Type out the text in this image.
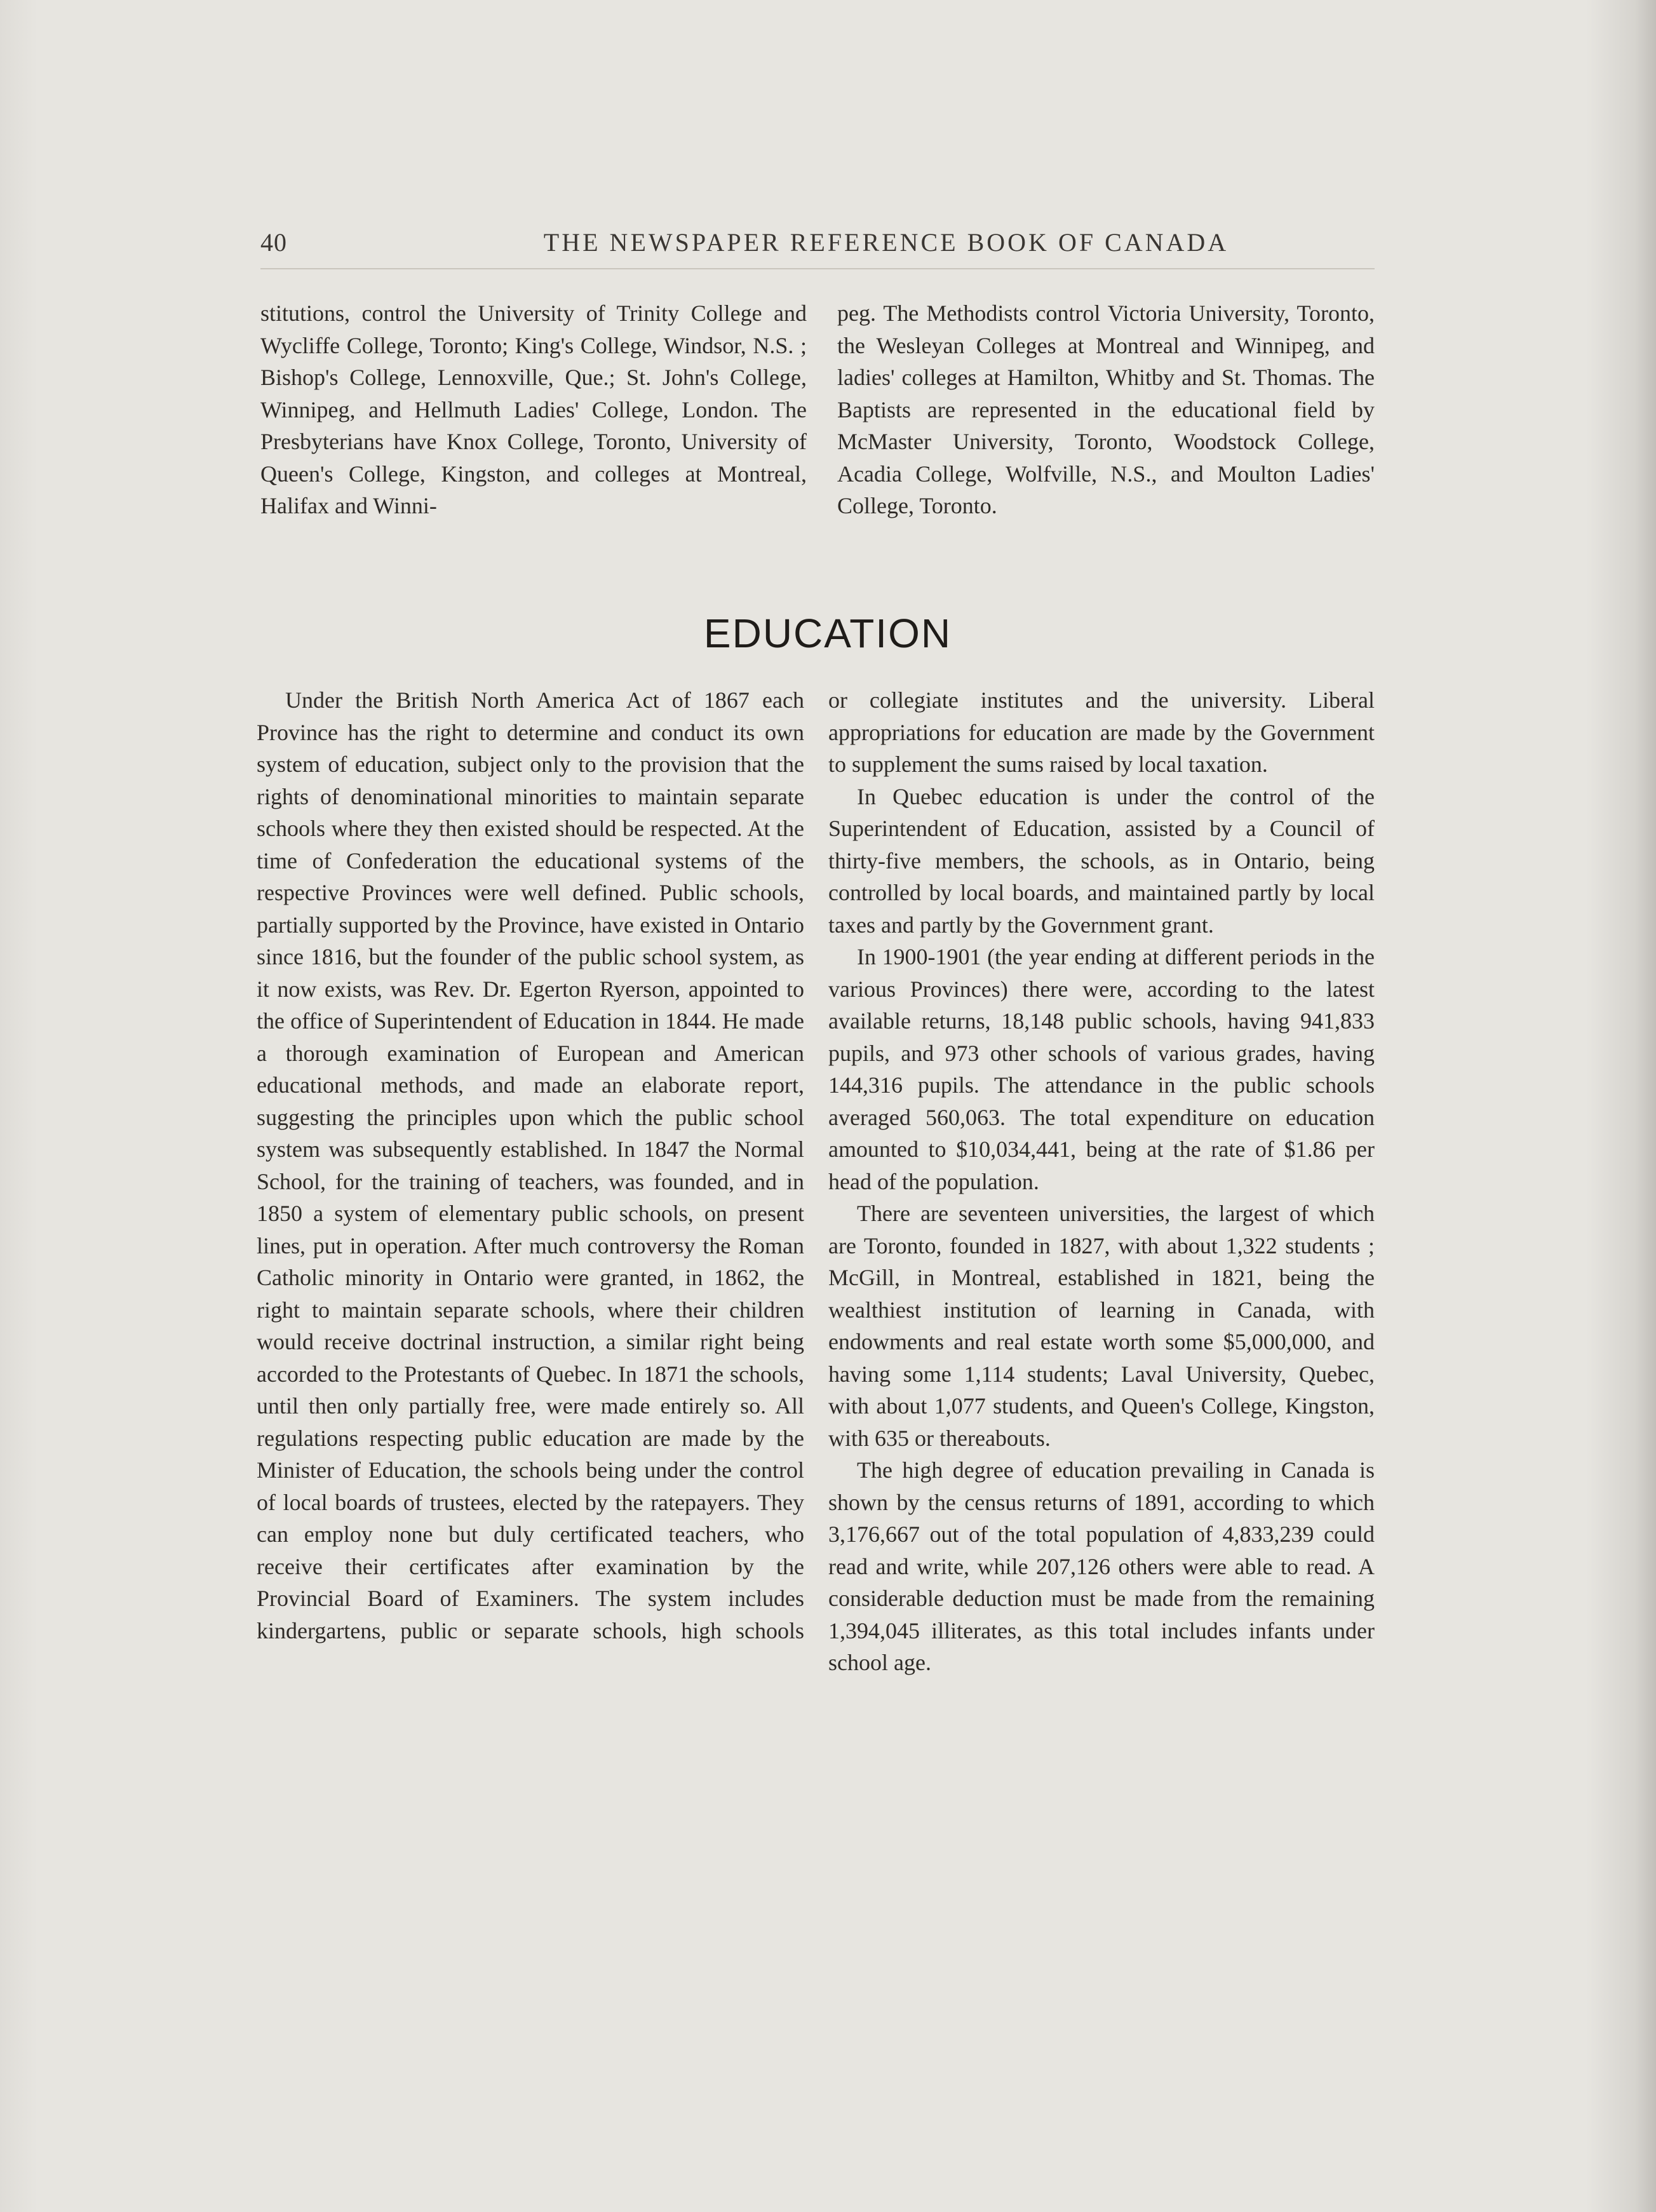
40	THE NEWSPAPER REFERENCE BOOK OF CANADA

stitutions, control the University of Trinity College and Wycliffe College, Toronto; King's College, Windsor, N.S. ; Bishop's College, Lennoxville, Que.; St. John's College, Winnipeg, and Hellmuth Ladies' College, London. The Presbyterians have Knox College, Toronto, University of Queen's College, Kingston, and colleges at Montreal, Halifax and Winni-

peg. The Methodists control Victoria University, Toronto, the Wesleyan Colleges at Montreal and Winnipeg, and ladies' colleges at Hamilton, Whitby and St. Thomas. The Baptists are represented in the educational field by McMaster University, Toronto, Woodstock College, Acadia College, Wolfville, N.S., and Moulton Ladies' College, Toronto.

EDUCATION

Under the British North America Act of 1867 each Province has the right to determine and conduct its own system of education, subject only to the provision that the rights of denominational minorities to maintain separate schools where they then existed should be respected. At the time of Confederation the educational systems of the respective Provinces were well defined. Public schools, partially supported by the Province, have existed in Ontario since 1816, but the founder of the public school system, as it now exists, was Rev. Dr. Egerton Ryerson, appointed to the office of Superintendent of Education in 1844. He made a thorough examination of European and American educational methods, and made an elaborate report, suggesting the principles upon which the public school system was subsequently established. In 1847 the Normal School, for the training of teachers, was founded, and in 1850 a system of elementary public schools, on present lines, put in operation. After much controversy the Roman Catholic minority in Ontario were granted, in 1862, the right to maintain separate schools, where their children would receive doctrinal instruction, a similar right being accorded to the Protestants of Quebec. In 1871 the schools, until then only partially free, were made entirely so. All regulations respecting public education are made by the Minister of Education, the schools being under the control of local boards of trustees, elected by the ratepayers. They can employ none but duly certificated teachers, who receive their certificates after examination by the Provincial Board of Examiners. The system includes kindergartens, public or separate schools, high schools

or collegiate institutes and the university. Liberal appropriations for education are made by the Government to supplement the sums raised by local taxation.

In Quebec education is under the control of the Superintendent of Education, assisted by a Council of thirty-five members, the schools, as in Ontario, being controlled by local boards, and maintained partly by local taxes and partly by the Government grant.

In 1900-1901 (the year ending at different periods in the various Provinces) there were, according to the latest available returns, 18,148 public schools, having 941,833 pupils, and 973 other schools of various grades, having 144,316 pupils. The attendance in the public schools averaged 560,063. The total expenditure on education amounted to $10,034,441, being at the rate of $1.86 per head of the population.

There are seventeen universities, the largest of which are Toronto, founded in 1827, with about 1,322 students ; McGill, in Montreal, established in 1821, being the wealthiest institution of learning in Canada, with endowments and real estate worth some $5,000,000, and having some 1,114 students; Laval University, Quebec, with about 1,077 students, and Queen's College, Kingston, with 635 or thereabouts.

The high degree of education prevailing in Canada is shown by the census returns of 1891, according to which 3,176,667 out of the total population of 4,833,239 could read and write, while 207,126 others were able to read. A considerable deduction must be made from the remaining 1,394,045 illiterates, as this total includes infants under school age.
